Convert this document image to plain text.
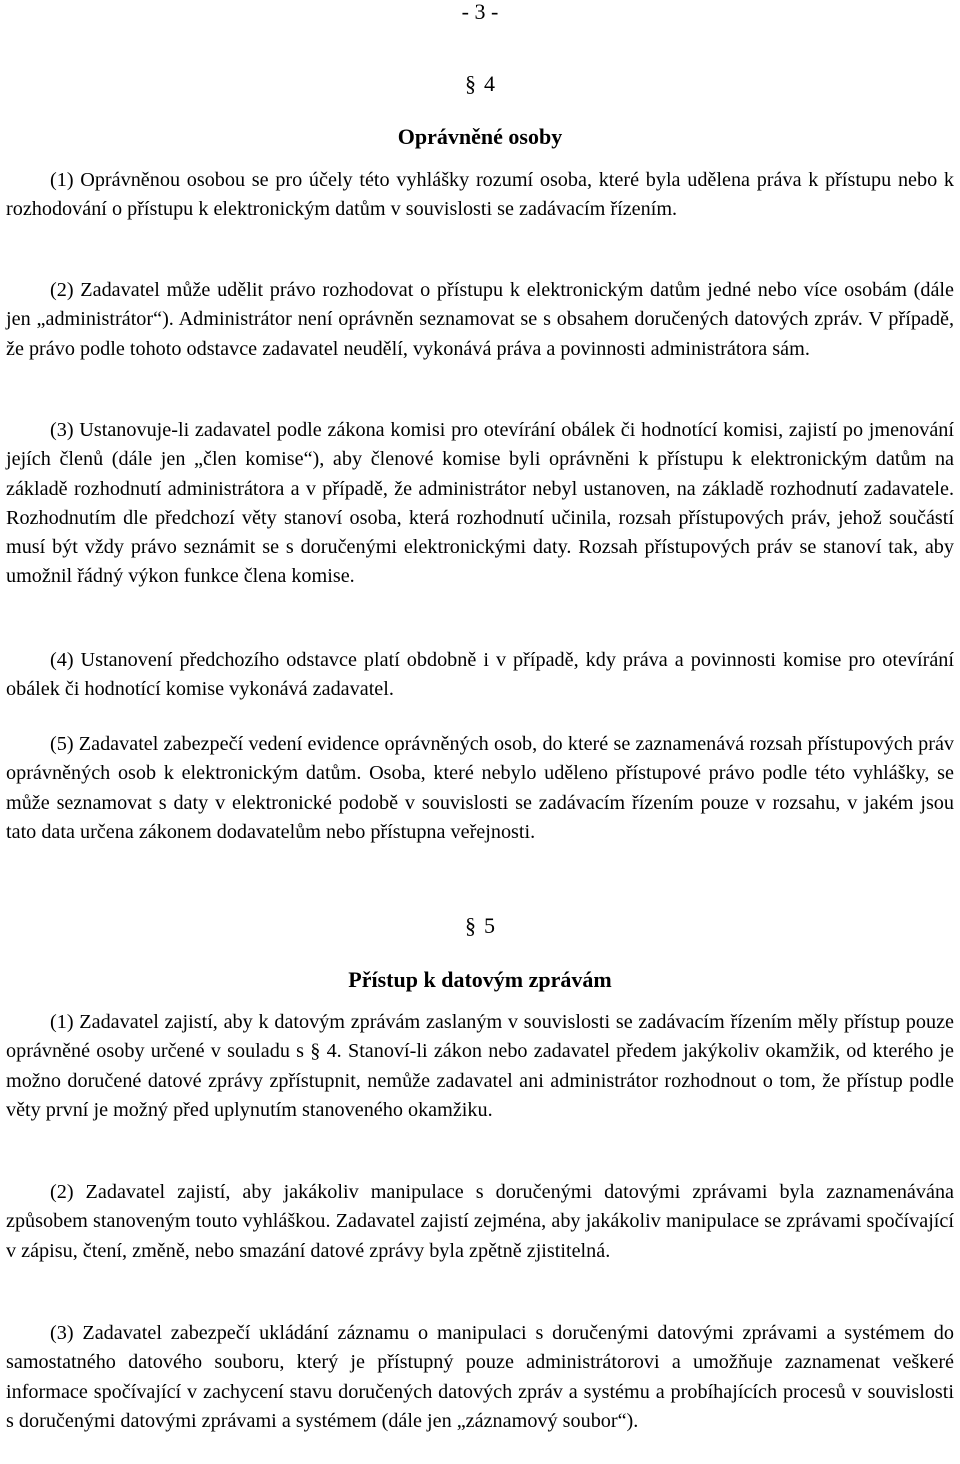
- 3 -
§ 4
Oprávněné osoby

(1) Oprávněnou osobou se pro účely této vyhlášky rozumí osoba, které byla udělena práva k přístupu nebo k rozhodování o přístupu k elektronickým datům v souvislosti se zadávacím řízením.

(2) Zadavatel může udělit právo rozhodovat o přístupu k elektronickým datům jedné nebo více osobám (dále jen „administrátor“). Administrátor není oprávněn seznamovat se s obsahem doručených datových zpráv. V případě, že právo podle tohoto odstavce zadavatel neudělí, vykonává práva a povinnosti administrátora sám.

(3) Ustanovuje-li zadavatel podle zákona komisi pro otevírání obálek či hodnotící komisi, zajistí po jmenování jejích členů (dále jen „člen komise“), aby členové komise byli oprávněni k přístupu k elektronickým datům na základě rozhodnutí administrátora a v případě, že administrátor nebyl ustanoven, na základě rozhodnutí zadavatele. Rozhodnutím dle předchozí věty stanoví osoba, která rozhodnutí učinila, rozsah přístupových práv, jehož součástí musí být vždy právo seznámit se s doručenými elektronickými daty. Rozsah přístupových práv se stanoví tak, aby umožnil řádný výkon funkce člena komise.

(4) Ustanovení předchozího odstavce platí obdobně i v případě, kdy práva a povinnosti komise pro otevírání obálek či hodnotící komise vykonává zadavatel.

(5) Zadavatel zabezpečí vedení evidence oprávněných osob, do které se zaznamenává rozsah přístupových práv oprávněných osob k elektronickým datům. Osoba, které nebylo uděleno přístupové právo podle této vyhlášky, se může seznamovat s daty v elektronické podobě v souvislosti se zadávacím řízením pouze v rozsahu, v jakém jsou tato data určena zákonem dodavatelům nebo přístupna veřejnosti.

§ 5
Přístup k datovým zprávám

(1) Zadavatel zajistí, aby k datovým zprávám zaslaným v souvislosti se zadávacím řízením měly přístup pouze oprávněné osoby určené v souladu s § 4. Stanoví-li zákon nebo zadavatel předem jakýkoliv okamžik, od kterého je možno doručené datové zprávy zpřístupnit, nemůže zadavatel ani administrátor rozhodnout o tom, že přístup podle věty první je možný před uplynutím stanoveného okamžiku.

(2) Zadavatel zajistí, aby jakákoliv manipulace s doručenými datovými zprávami byla zaznamenávána způsobem stanoveným touto vyhláškou. Zadavatel zajistí zejména, aby jakákoliv manipulace se zprávami spočívající v zápisu, čtení, změně, nebo smazání datové zprávy byla zpětně zjistitelná.

(3) Zadavatel zabezpečí ukládání záznamu o manipulaci s doručenými datovými zprávami a systémem do samostatného datového souboru, který je přístupný pouze administrátorovi a umožňuje zaznamenat veškeré informace spočívající v zachycení stavu doručených datových zpráv a systému a probíhajících procesů v souvislosti s doručenými datovými zprávami a systémem (dále jen „záznamový soubor“).
